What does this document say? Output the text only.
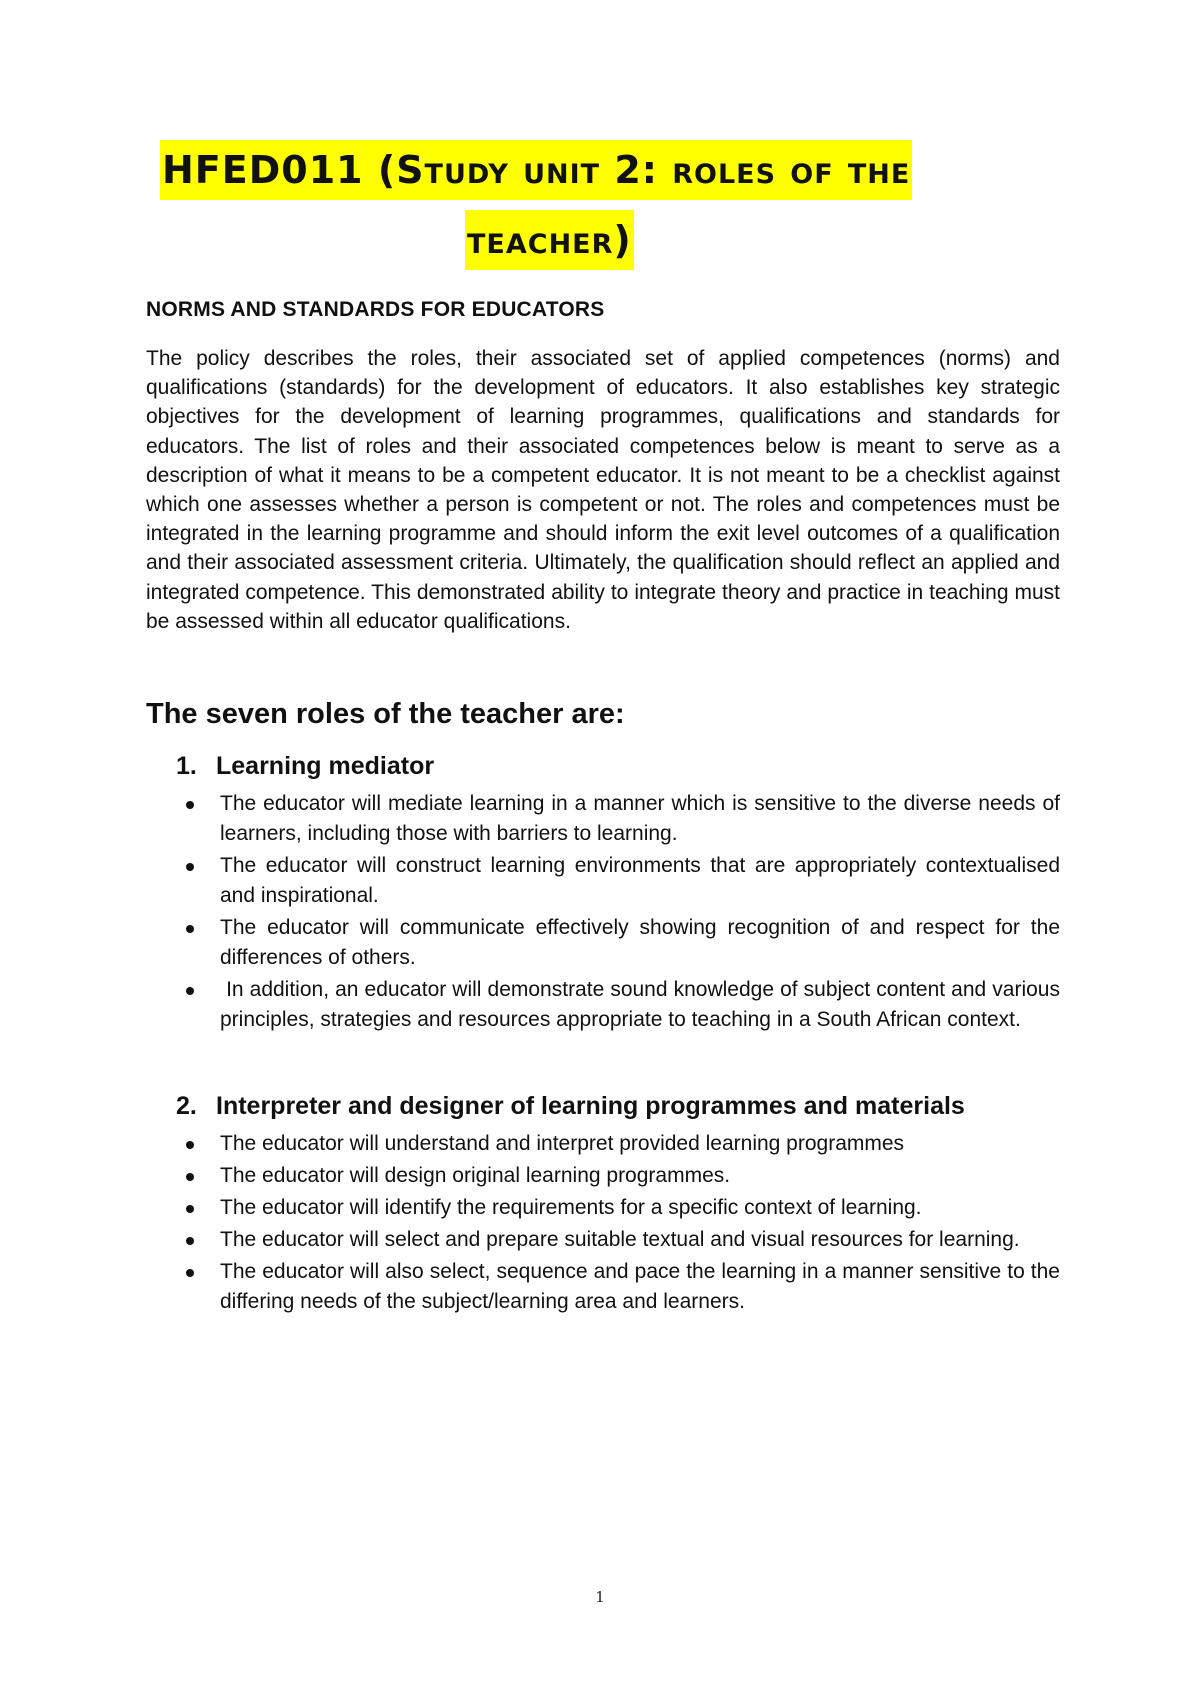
HFED011 (Study unit 2: roles of the
teacher)
NORMS AND STANDARDS FOR EDUCATORS

The policy describes the roles, their associated set of applied competences (norms) and qualifications (standards) for the development of educators. It also establishes key strategic objectives for the development of learning programmes, qualifications and standards for educators. The list of roles and their associated competences below is meant to serve as a description of what it means to be a competent educator. It is not meant to be a checklist against which one assesses whether a person is competent or not. The roles and competences must be integrated in the learning programme and should inform the exit level outcomes of a qualification and their associated assessment criteria. Ultimately, the qualification should reflect an applied and integrated competence. This demonstrated ability to integrate theory and practice in teaching must be assessed within all educator qualifications.

The seven roles of the teacher are:
1. Learning mediator
The educator will mediate learning in a manner which is sensitive to the diverse needs of learners, including those with barriers to learning.
The educator will construct learning environments that are appropriately contextualised and inspirational.
The educator will communicate effectively showing recognition of and respect for the differences of others.
In addition, an educator will demonstrate sound knowledge of subject content and various principles, strategies and resources appropriate to teaching in a South African context.
2. Interpreter and designer of learning programmes and materials
The educator will understand and interpret provided learning programmes
The educator will design original learning programmes.
The educator will identify the requirements for a specific context of learning.
The educator will select and prepare suitable textual and visual resources for learning.
The educator will also select, sequence and pace the learning in a manner sensitive to the differing needs of the subject/learning area and learners.
1
